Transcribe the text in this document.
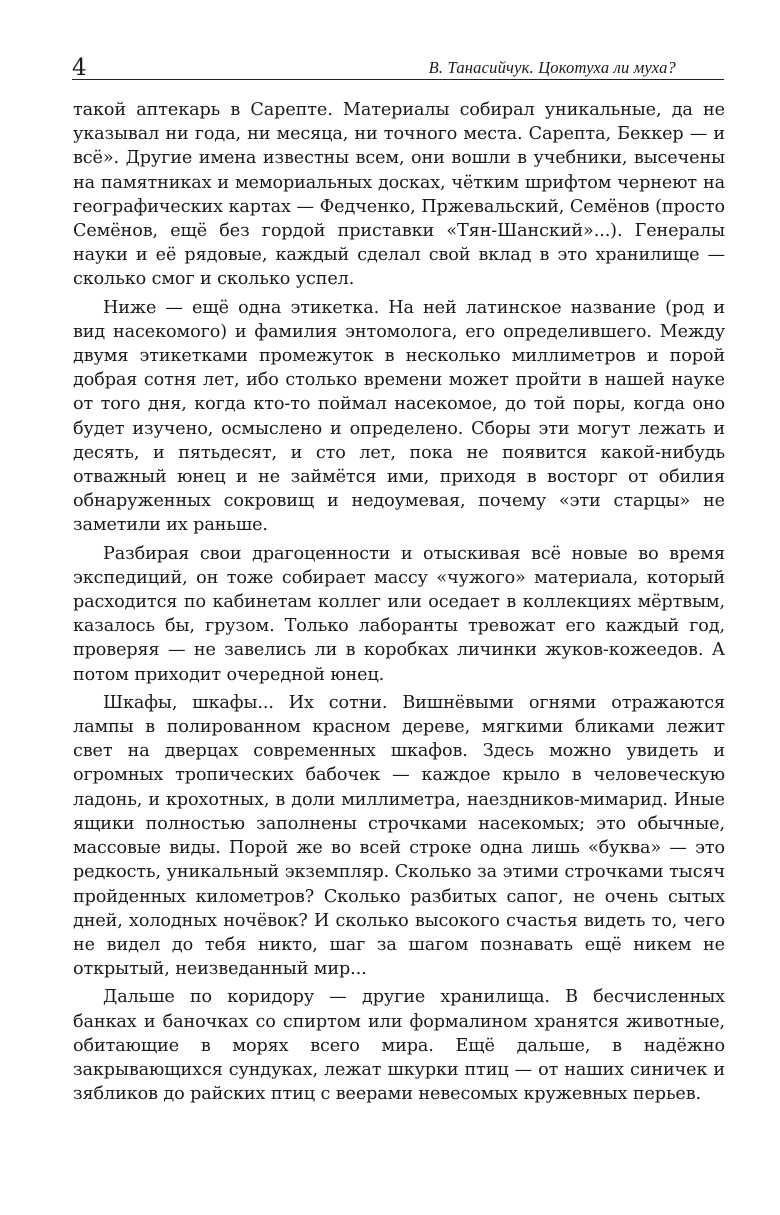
4	В. Танасийчук. Цокотуха ли муха?

такой аптекарь в Сарепте. Материалы собирал уникальные, да не указывал ни года, ни месяца, ни точного места. Сарепта, Беккер — и всё». Другие имена известны всем, они вошли в учебники, высечены на памятниках и мемориальных досках, чётким шрифтом чернеют на географических картах — Федченко, Пржевальский, Семёнов (просто Семёнов, ещё без гордой приставки «Тян-Шанский»...). Генералы науки и её рядовые, каждый сделал свой вклад в это хранилище — сколько смог и сколько успел.

Ниже — ещё одна этикетка. На ней латинское название (род и вид насекомого) и фамилия энтомолога, его определившего. Между двумя этикетками промежуток в несколько миллиметров и порой добрая сотня лет, ибо столько времени может пройти в нашей науке от того дня, когда кто-то поймал насекомое, до той поры, когда оно будет изучено, осмыслено и определено. Сборы эти могут лежать и десять, и пятьдесят, и сто лет, пока не появится какой-нибудь отважный юнец и не займётся ими, приходя в восторг от обилия обнаруженных сокровищ и недоумевая, почему «эти старцы» не заметили их раньше.

Разбирая свои драгоценности и отыскивая всё новые во время экспедиций, он тоже собирает массу «чужого» материала, который расходится по кабинетам коллег или оседает в коллекциях мёртвым, казалось бы, грузом. Только лаборанты тревожат его каждый год, проверяя — не завелись ли в коробках личинки жуков-кожеедов. А потом приходит очередной юнец.

Шкафы, шкафы... Их сотни. Вишнёвыми огнями отражаются лампы в полированном красном дереве, мягкими бликами лежит свет на дверцах современных шкафов. Здесь можно увидеть и огромных тропических бабочек — каждое крыло в человеческую ладонь, и крохотных, в доли миллиметра, наездников-мимарид. Иные ящики полностью заполнены строчками насекомых; это обычные, массовые виды. Порой же во всей строке одна лишь «буква» — это редкость, уникальный экземпляр. Сколько за этими строчками тысяч пройденных километров? Сколько разбитых сапог, не очень сытых дней, холодных ночёвок? И сколько высокого счастья видеть то, чего не видел до тебя никто, шаг за шагом познавать ещё никем не открытый, неизведанный мир...

Дальше по коридору — другие хранилища. В бесчисленных банках и баночках со спиртом или формалином хранятся животные, обитающие в морях всего мира. Ещё дальше, в надёжно закрывающихся сундуках, лежат шкурки птиц — от наших синичек и зябликов до райских птиц с веерами невесомых кружевных перьев.
